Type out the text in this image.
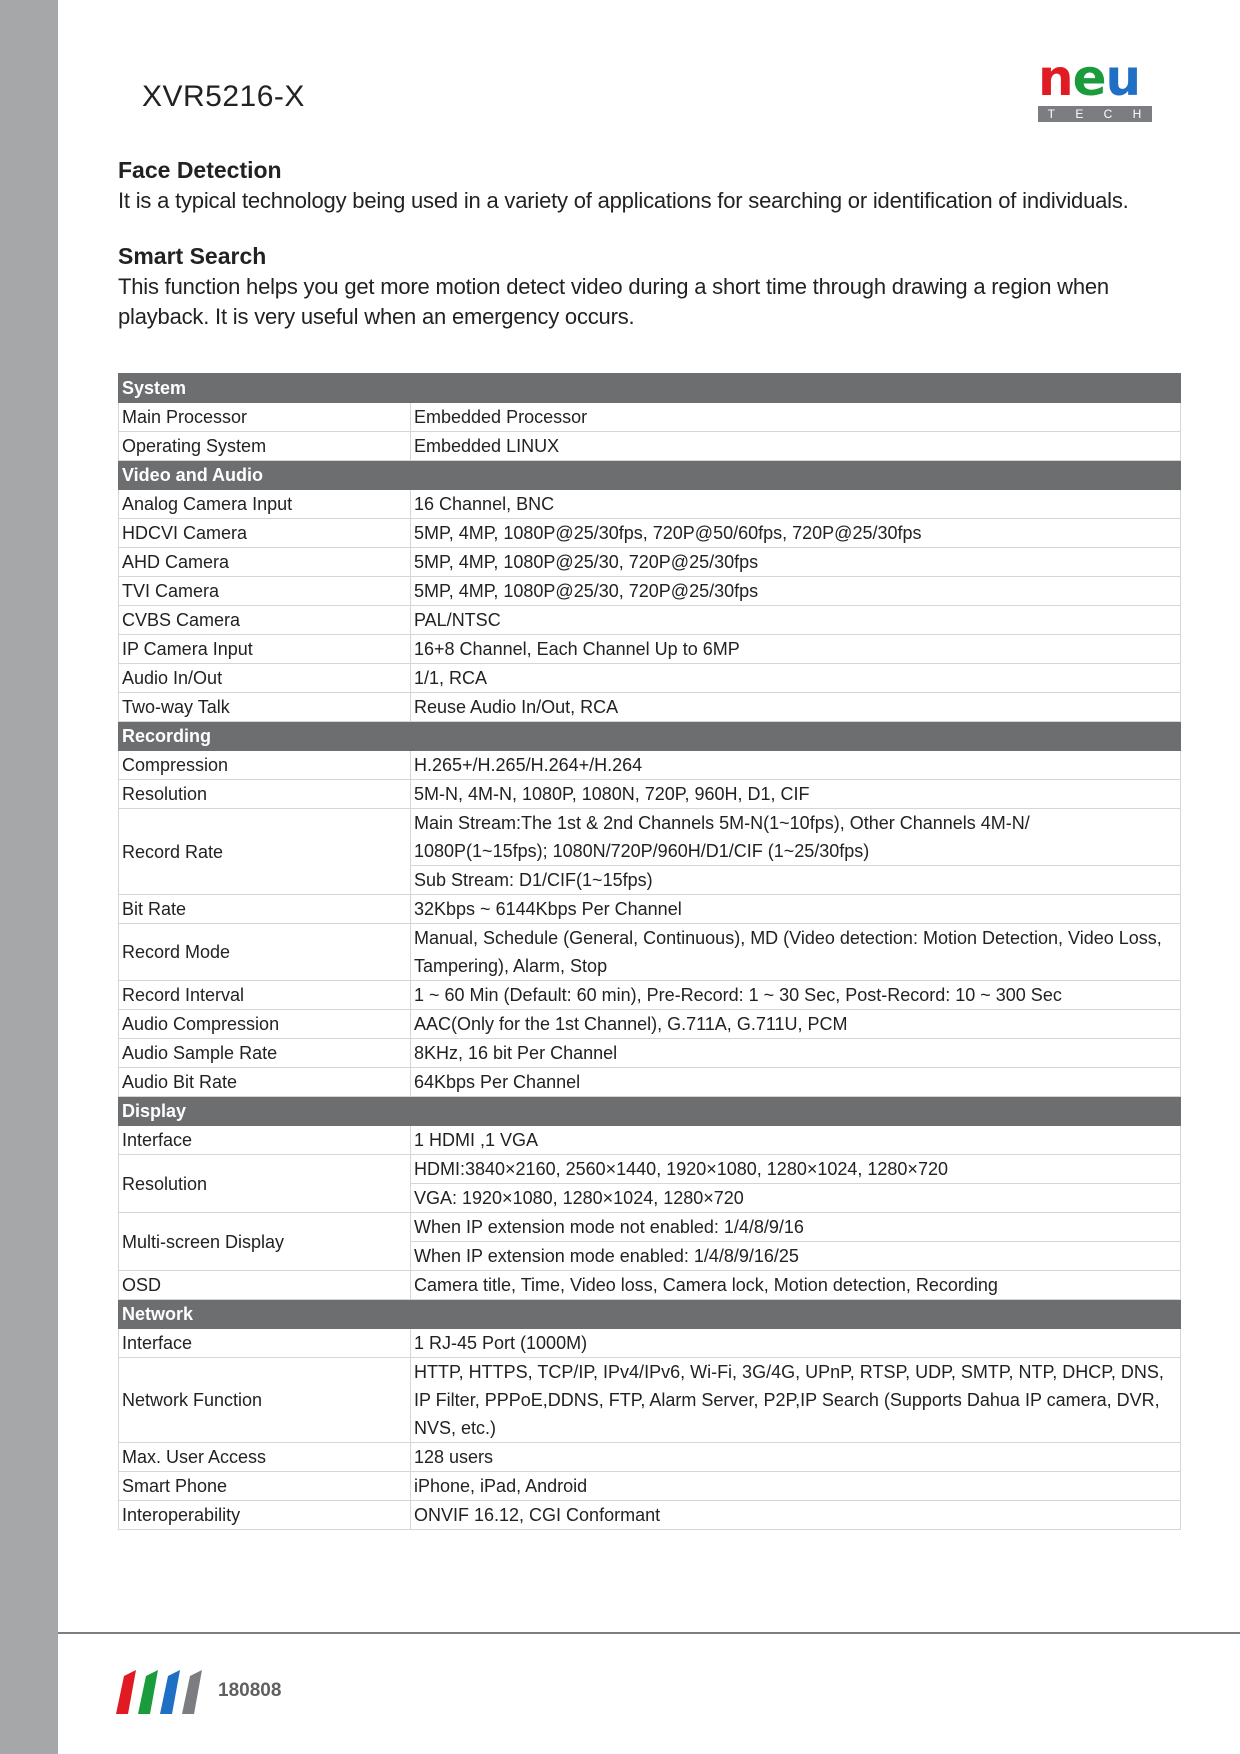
XVR5216-X	neu
T E C H
Face Detection
It is a typical technology being used in a variety of applications for searching or identification of individuals.
Smart Search
This function helps you get more motion detect video during a short time through drawing a region when playback. It is very useful when an emergency occurs.
System	
Main Processor	Embedded Processor
Operating System	Embedded LINUX
Video and Audio	
Analog Camera Input	16 Channel, BNC
HDCVI Camera	5MP, 4MP, 1080P@25/30fps, 720P@50/60fps, 720P@25/30fps
AHD Camera	5MP, 4MP, 1080P@25/30, 720P@25/30fps
TVI Camera	5MP, 4MP, 1080P@25/30, 720P@25/30fps
CVBS Camera	PAL/NTSC
IP Camera Input	16+8 Channel, Each Channel Up to 6MP
Audio In/Out	1/1, RCA
Two-way Talk	Reuse Audio In/Out, RCA
Recording	
Compression	H.265+/H.265/H.264+/H.264
Resolution	5M-N, 4M-N, 1080P, 1080N, 720P, 960H, D1, CIF
Record Rate	Main Stream:The 1st & 2nd Channels 5M-N(1~10fps), Other Channels 4M-N/
1080P(1~15fps); 1080N/720P/960H/D1/CIF (1~25/30fps)
	Sub Stream: D1/CIF(1~15fps)
Bit Rate	32Kbps ~ 6144Kbps Per Channel
Record Mode	Manual, Schedule (General, Continuous), MD (Video detection: Motion Detection, Video Loss, Tampering), Alarm, Stop
Record Interval	1 ~ 60 Min (Default: 60 min), Pre-Record: 1 ~ 30 Sec, Post-Record: 10 ~ 300 Sec
Audio Compression	AAC(Only for the 1st Channel), G.711A, G.711U, PCM
Audio Sample Rate	8KHz, 16 bit Per Channel
Audio Bit Rate	64Kbps Per Channel
Display	
Interface	1 HDMI ,1 VGA
Resolution	HDMI:3840×2160, 2560×1440, 1920×1080, 1280×1024, 1280×720
	VGA: 1920×1080, 1280×1024, 1280×720
Multi-screen Display	When IP extension mode not enabled: 1/4/8/9/16
	When IP extension mode enabled: 1/4/8/9/16/25
OSD	Camera title, Time, Video loss, Camera lock, Motion detection, Recording
Network	
Interface	1 RJ-45 Port (1000M)
Network Function	HTTP, HTTPS, TCP/IP, IPv4/IPv6, Wi-Fi, 3G/4G, UPnP, RTSP, UDP, SMTP, NTP, DHCP, DNS, IP Filter, PPPoE,DDNS, FTP, Alarm Server, P2P,IP Search (Supports Dahua IP camera, DVR, NVS, etc.)
Max. User Access	128 users
Smart Phone	iPhone, iPad, Android
Interoperability	ONVIF 16.12, CGI Conformant
180808
